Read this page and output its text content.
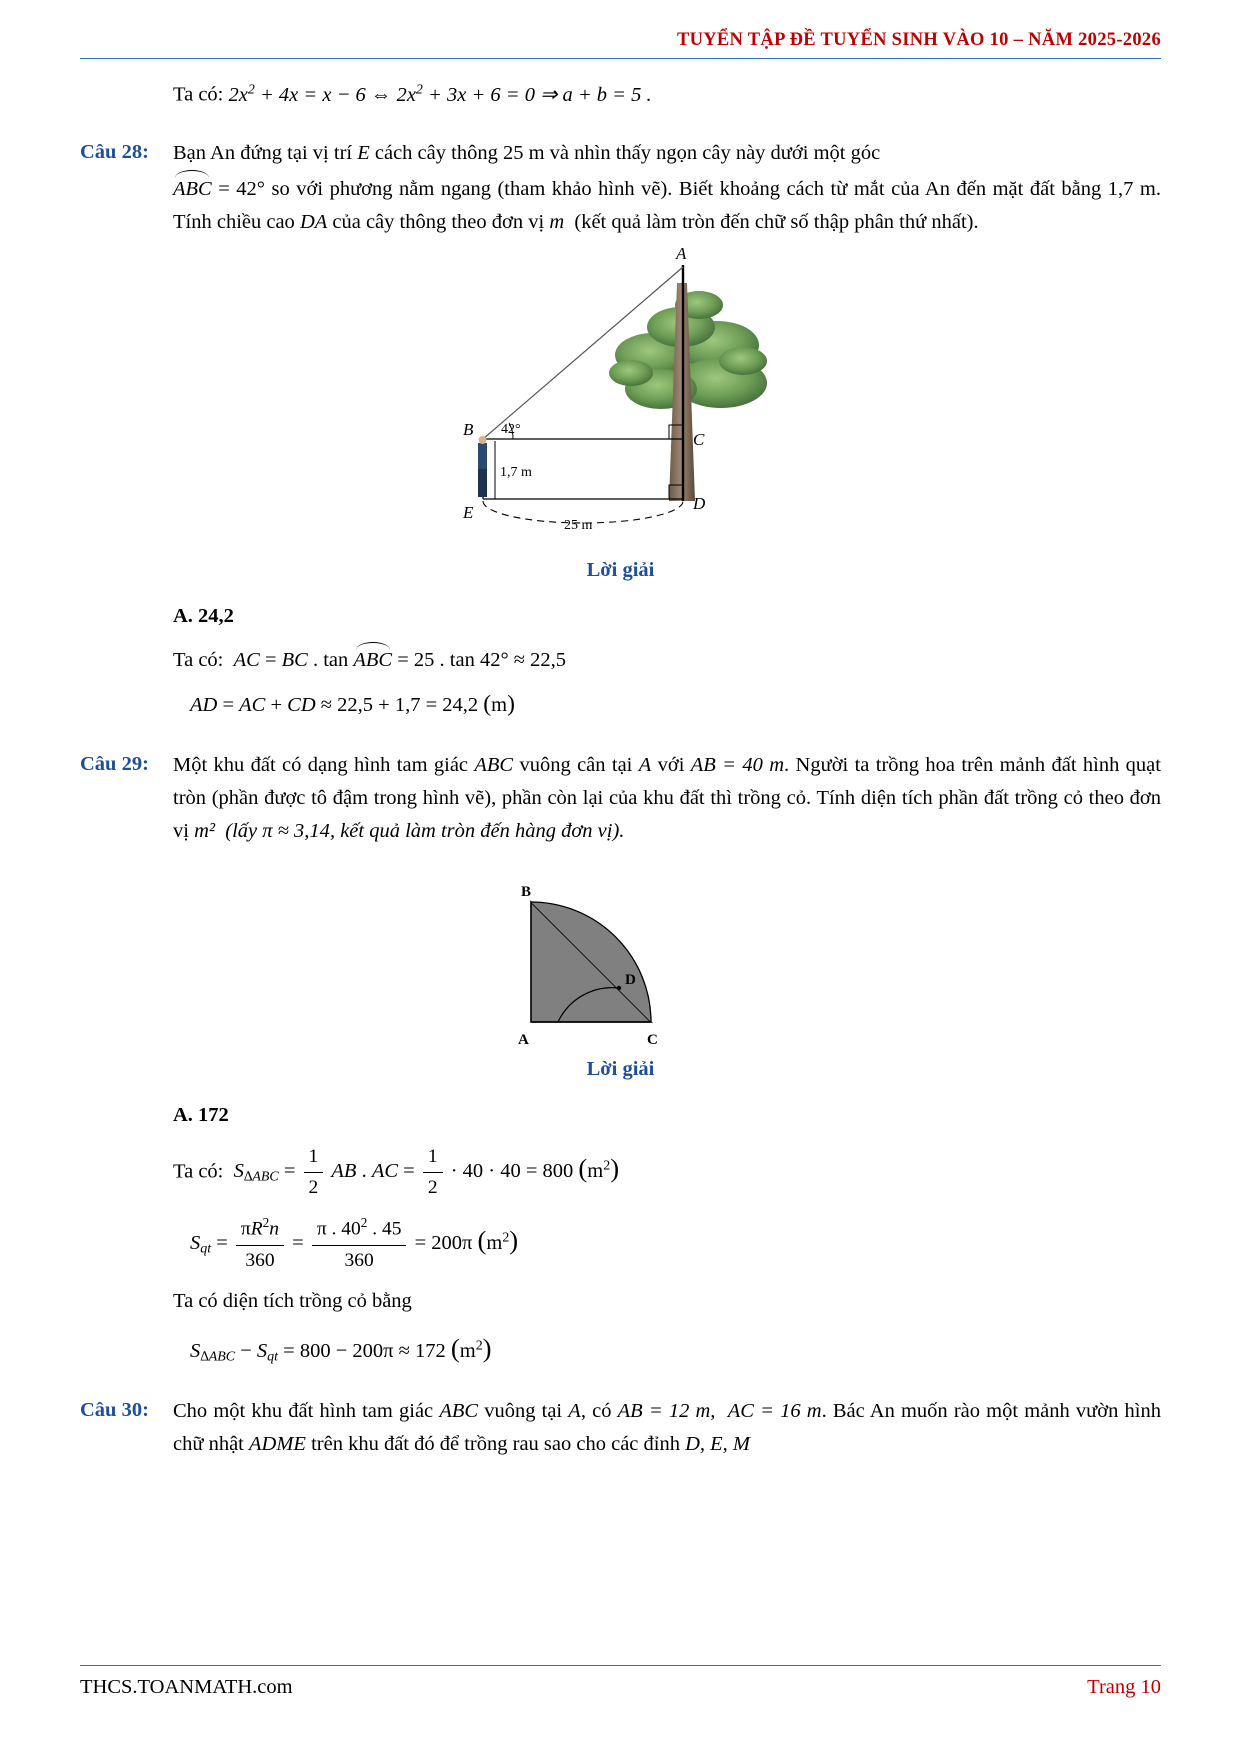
TUYỂN TẬP ĐỀ TUYỂN SINH VÀO 10 – NĂM 2025-2026
Ta có: $2x^2 + 4x = x - 6$ ⇔ $2x^2 + 3x + 6 = 0$ ⇒ a + b = 5 .
Câu 28:	Bạn An đứng tại vị trí E cách cây thông 25 m và nhìn thấy ngọn cây này dưới một góc
ABC = 42° so với phương nằm ngang (tham khảo hình vẽ). Biết khoảng cách từ mắt của An đến mặt đất bằng 1,7 m. Tính chiều cao DA của cây thông theo đơn vị m  (kết quả làm tròn đến chữ số thập phân thứ nhất).
A
B
C
D
E
42°
1,7 m
25 m
Lời giải
A. 24,2
Ta có: AC = BC . tan ABC = 25 . tan 42° ≈ 22,5
AD = AC + CD ≈ 22,5 + 1,7 = 24,2 (m)
Câu 29:	Một khu đất có dạng hình tam giác ABC vuông cân tại A với AB = 40 m. Người ta trồng hoa trên mảnh đất hình quạt tròn (phần được tô đậm trong hình vẽ), phần còn lại của khu đất thì trồng cỏ. Tính diện tích phần đất trồng cỏ theo đơn vị m²  (lấy π ≈ 3,14, kết quả làm tròn đến hàng đơn vị).
B
A	C
D
Lời giải
A. 172
Ta có: $S_{\Delta ABC} = \frac{1}{2}$ AB . AC = $\frac{1}{2} \cdot 40 \cdot 40 = 800$ $(m^2)$
$S_{qt} = \frac{\pi R^2n}{360} = \frac{\pi . 40^2 . 45}{360} = 200\pi$ $(m^2)$
Ta có diện tích trồng cỏ bằng
$S_{\Delta ABC} - S_{qt} = 800 - 200\pi \approx 172$ $(m^2)$
Câu 30:	Cho một khu đất hình tam giác ABC vuông tại A, có AB = 12 m, AC = 16 m. Bác An muốn rào một mảnh vườn hình chữ nhật ADME trên khu đất đó để trồng rau sao cho các đỉnh D, E, M
THCS.TOANMATH.com	Trang 10
